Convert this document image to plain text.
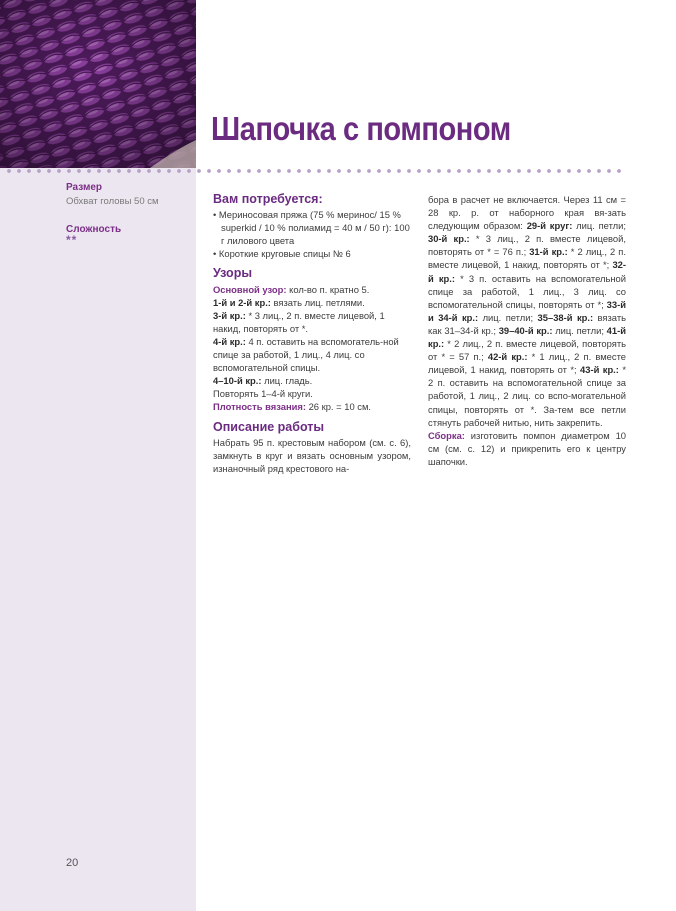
Шапочка с помпоном

Размер

Обхват головы 50 см

Сложность

**
20
Вам потребуется:

• Мериносовая пряжа (75 % меринос/ 15 % superkid / 10 % полиамид = 40 м / 50 г): 100 г лилового цвета

• Короткие круговые спицы № 6

Узоры

Основной узор: кол-во п. кратно 5.

1-й и 2-й кр.: вязать лиц. петлями.

3-й кр.: * 3 лиц., 2 п. вместе лицевой, 1 накид, повторять от *.

4-й кр.: 4 п. оставить на вспомогатель-ной спице за работой, 1 лиц., 4 лиц. со вспомогательной спицы.

4–10-й кр.: лиц. гладь.

Повторять 1–4-й круги.

Плотность вязания: 26 кр. = 10 см.

Описание работы

Набрать 95 п. крестовым набором (см. с. 6), замкнуть в круг и вязать основным узором, изнаночный ряд крестового на-

бора в расчет не включается. Через 11 см = 28 кр. р. от наборного края вя-зать следующим образом: 29-й круг: лиц. петли; 30-й кр.: * 3 лиц., 2 п. вместе лицевой, повторять от * = 76 п.; 31-й кр.: * 2 лиц., 2 п. вместе лицевой, 1 накид, повторять от *; 32-й кр.: * 3 п. оставить на вспомогательной спице за работой, 1 лиц., 3 лиц. со вспомогательной спицы, повторять от *; 33-й и 34-й кр.: лиц. петли; 35–38-й кр.: вязать как 31–34-й кр.; 39–40-й кр.: лиц. петли; 41-й кр.: * 2 лиц., 2 п. вместе лицевой, повторять от * = 57 п.; 42-й кр.: * 1 лиц., 2 п. вместе лицевой, 1 накид, повторять от *; 43-й кр.: * 2 п. оставить на вспомогательной спице за работой, 1 лиц., 2 лиц. со вспо-могательной спицы, повторять от *. За-тем все петли стянуть рабочей нитью, нить закрепить.

Сборка: изготовить помпон диаметром 10 см (см. с. 12) и прикрепить его к центру шапочки.
